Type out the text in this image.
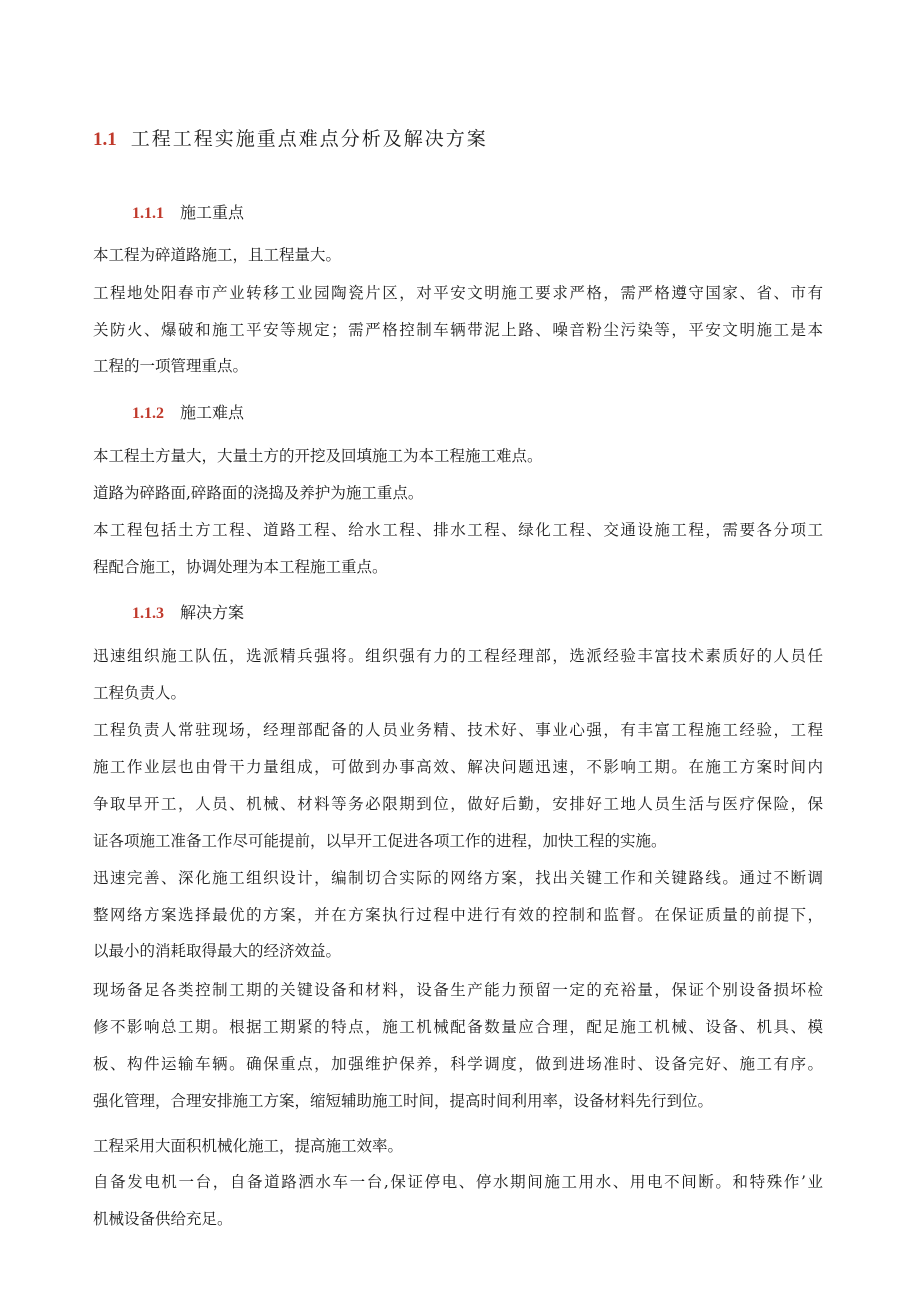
1.1 工程工程实施重点难点分析及解决方案
1.1.1 施工重点
本工程为碎道路施工，且工程量大。
工程地处阳春市产业转移工业园陶瓷片区，对平安文明施工要求严格，需严格遵守国家、省、市有
关防火、爆破和施工平安等规定；需严格控制车辆带泥上路、噪音粉尘污染等，平安文明施工是本
工程的一项管理重点。
1.1.2 施工难点
本工程土方量大，大量土方的开挖及回填施工为本工程施工难点。
道路为碎路面,碎路面的浇捣及养护为施工重点。
本工程包括土方工程、道路工程、给水工程、排水工程、绿化工程、交通设施工程，需要各分项工
程配合施工，协调处理为本工程施工重点。
1.1.3 解决方案
迅速组织施工队伍，选派精兵强将。组织强有力的工程经理部，选派经验丰富技术素质好的人员任
工程负责人。
工程负责人常驻现场，经理部配备的人员业务精、技术好、事业心强，有丰富工程施工经验，工程
施工作业层也由骨干力量组成，可做到办事高效、解决问题迅速，不影响工期。在施工方案时间内
争取早开工，人员、机械、材料等务必限期到位，做好后勤，安排好工地人员生活与医疗保险，保
证各项施工准备工作尽可能提前，以早开工促进各项工作的进程，加快工程的实施。
迅速完善、深化施工组织设计，编制切合实际的网络方案，找出关键工作和关键路线。通过不断调
整网络方案选择最优的方案，并在方案执行过程中进行有效的控制和监督。在保证质量的前提下，
以最小的消耗取得最大的经济效益。
现场备足各类控制工期的关键设备和材料，设备生产能力预留一定的充裕量，保证个别设备损坏检
修不影响总工期。根据工期紧的特点，施工机械配备数量应合理，配足施工机械、设备、机具、模
板、构件运输车辆。确保重点，加强维护保养，科学调度，做到进场准时、设备完好、施工有序。
强化管理，合理安排施工方案，缩短辅助施工时间，提高时间利用率，设备材料先行到位。
工程采用大面积机械化施工，提高施工效率。
自备发电机一台，自备道路洒水车一台,保证停电、停水期间施工用水、用电不间断。和特殊作’业
机械设备供给充足。
